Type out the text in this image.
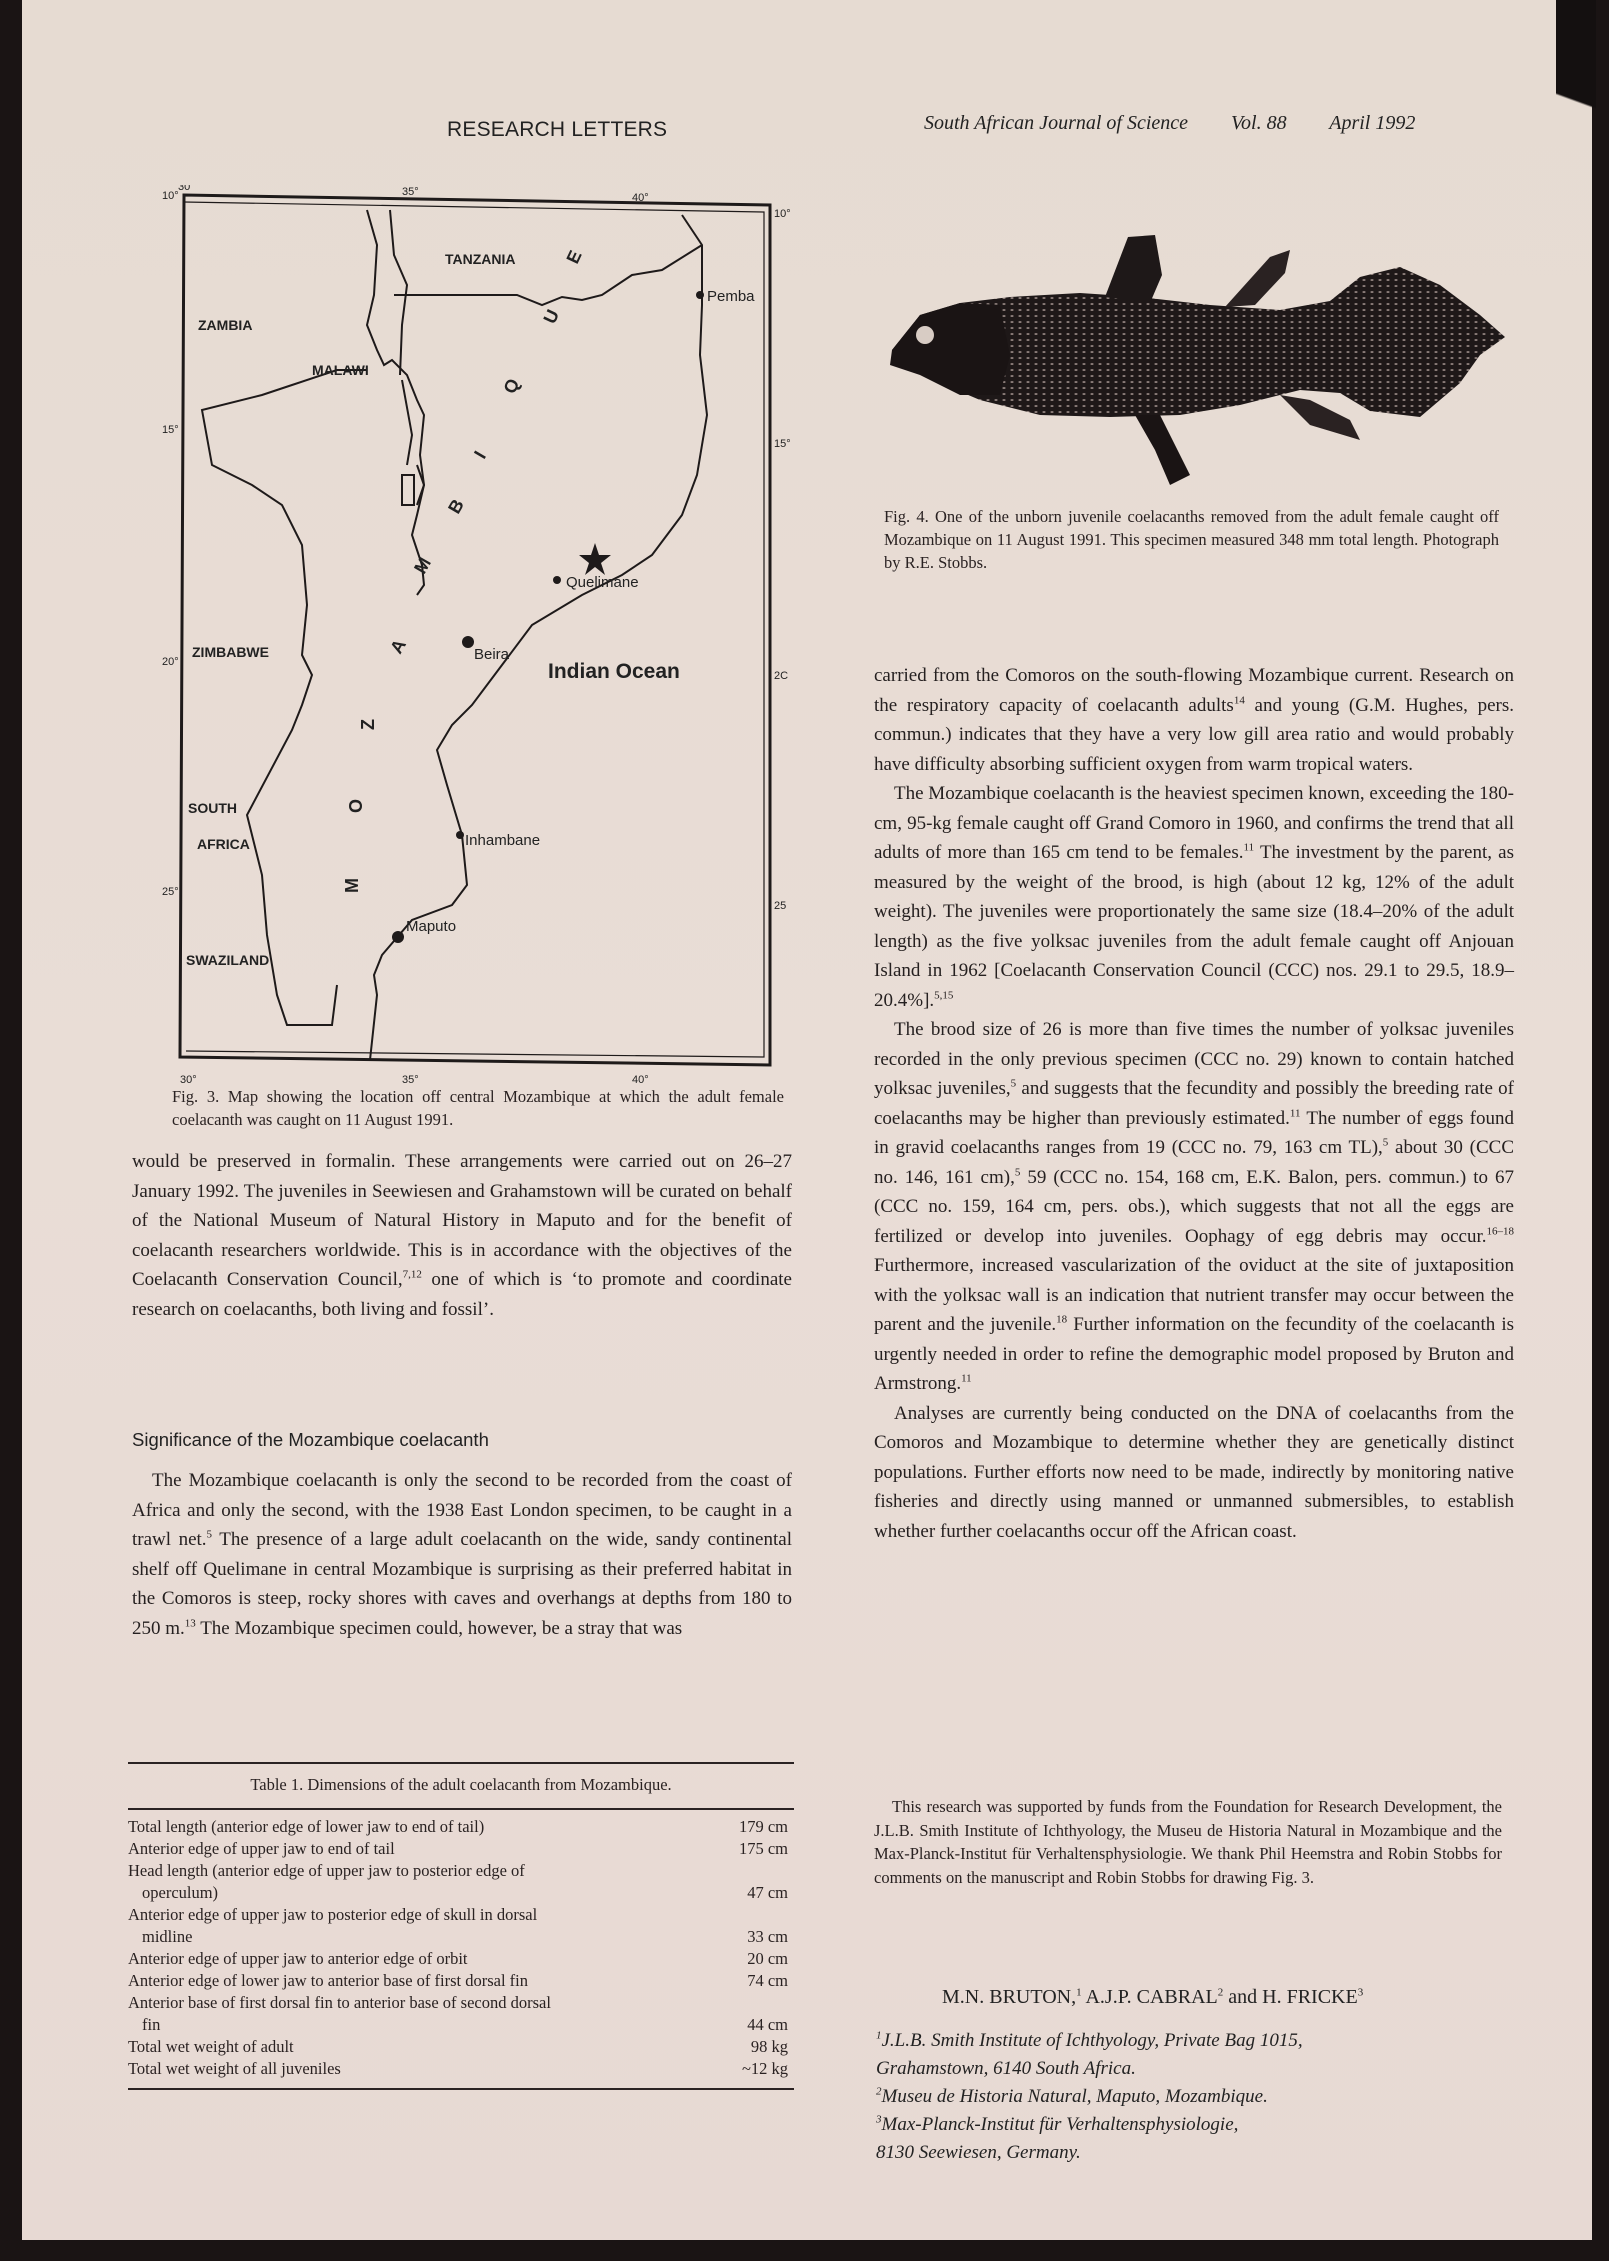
RESEARCH LETTERS	South African Journal of Science Vol. 88 April 1992
10°
30	35°	40°
10°
15°
15°
20°
2C
25°
25
30°	35°	40°
TANZANIA
ZAMBIA
MALAWI
ZIMBABWE
SOUTH
AFRICA
SWAZILAND
Pemba
Quelimane
Beira
Inhambane
Maputo
Indian Ocean
M
O
Z
A
M
B
I
Q
U
E
Fig. 3. Map showing the location off central Mozambique at which the adult female coelacanth was caught on 11 August 1991.
Fig. 4. One of the unborn juvenile coelacanths removed from the adult female caught off Mozambique on 11 August 1991. This specimen measured 348 mm total length. Photograph by R.E. Stobbs.

would be preserved in formalin. These arrangements were carried out on 26–27 January 1992. The juveniles in Seewiesen and Grahamstown will be curated on behalf of the National Museum of Natural History in Maputo and for the benefit of coelacanth researchers worldwide. This is in accordance with the objectives of the Coelacanth Conservation Council,$^{7,12}$ one of which is ‘to promote and coordinate research on coelacanths, both living and fossil’.

Significance of the Mozambique coelacanth

The Mozambique coelacanth is only the second to be recorded from the coast of Africa and only the second, with the 1938 East London specimen, to be caught in a trawl net.$^5$ The presence of a large adult coelacanth on the wide, sandy continental shelf off Quelimane in central Mozambique is surprising as their preferred habitat in the Comoros is steep, rocky shores with caves and overhangs at depths from 180 to 250 m.$^{13}$ The Mozambique specimen could, however, be a stray that was

Table 1. Dimensions of the adult coelacanth from Mozambique.
Total length (anterior edge of lower jaw to end of tail)	179 cm
Anterior edge of upper jaw to end of tail	175 cm
Head length (anterior edge of upper jaw to posterior edge of
operculum)	47 cm
Anterior edge of upper jaw to posterior edge of skull in dorsal
midline	33 cm
Anterior edge of upper jaw to anterior edge of orbit	20 cm
Anterior edge of lower jaw to anterior base of first dorsal fin	74 cm
Anterior base of first dorsal fin to anterior base of second dorsal
fin	44 cm
Total wet weight of adult	98 kg
Total wet weight of all juveniles	~12 kg

carried from the Comoros on the south-flowing Mozambique current. Research on the respiratory capacity of coelacanth adults$^{14}$ and young (G.M. Hughes, pers. commun.) indicates that they have a very low gill area ratio and would probably have difficulty absorbing sufficient oxygen from warm tropical waters.

The Mozambique coelacanth is the heaviest specimen known, exceeding the 180-cm, 95-kg female caught off Grand Comoro in 1960, and confirms the trend that all adults of more than 165 cm tend to be females.$^{11}$ The investment by the parent, as measured by the weight of the brood, is high (about 12 kg, 12% of the adult weight). The juveniles were proportionately the same size (18.4–20% of the adult length) as the five yolksac juveniles from the adult female caught off Anjouan Island in 1962 [Coelacanth Conservation Council (CCC) nos. 29.1 to 29.5, 18.9–20.4%].$^{5,15}$

The brood size of 26 is more than five times the number of yolksac juveniles recorded in the only previous specimen (CCC no. 29) known to contain hatched yolksac juveniles,$^5$ and suggests that the fecundity and possibly the breeding rate of coelacanths may be higher than previously estimated.$^{11}$ The number of eggs found in gravid coelacanths ranges from 19 (CCC no. 79, 163 cm TL),$^5$ about 30 (CCC no. 146, 161 cm),$^5$ 59 (CCC no. 154, 168 cm, E.K. Balon, pers. commun.) to 67 (CCC no. 159, 164 cm, pers. obs.), which suggests that not all the eggs are fertilized or develop into juveniles. Oophagy of egg debris may occur.$^{16-18}$ Furthermore, increased vascularization of the oviduct at the site of juxtaposition with the yolksac wall is an indication that nutrient transfer may occur between the parent and the juvenile.$^{18}$ Further information on the fecundity of the coelacanth is urgently needed in order to refine the demographic model proposed by Bruton and Armstrong.$^{11}$

Analyses are currently being conducted on the DNA of coelacanths from the Comoros and Mozambique to determine whether they are genetically distinct populations. Further efforts now need to be made, indirectly by monitoring native fisheries and directly using manned or unmanned submersibles, to establish whether further coelacanths occur off the African coast.

This research was supported by funds from the Foundation for Research Development, the J.L.B. Smith Institute of Ichthyology, the Museu de Historia Natural in Mozambique and the Max-Planck-Institut für Verhaltensphysiologie. We thank Phil Heemstra and Robin Stobbs for comments on the manuscript and Robin Stobbs for drawing Fig. 3.
M.N. BRUTON,$^1$ A.J.P. CABRAL$^2$ and H. FRICKE$^3$
$^1$J.L.B. Smith Institute of Ichthyology, Private Bag 1015,
Grahamstown, 6140 South Africa.
$^2$Museu de Historia Natural, Maputo, Mozambique.
$^3$Max-Planck-Institut für Verhaltensphysiologie,
8130 Seewiesen, Germany.
